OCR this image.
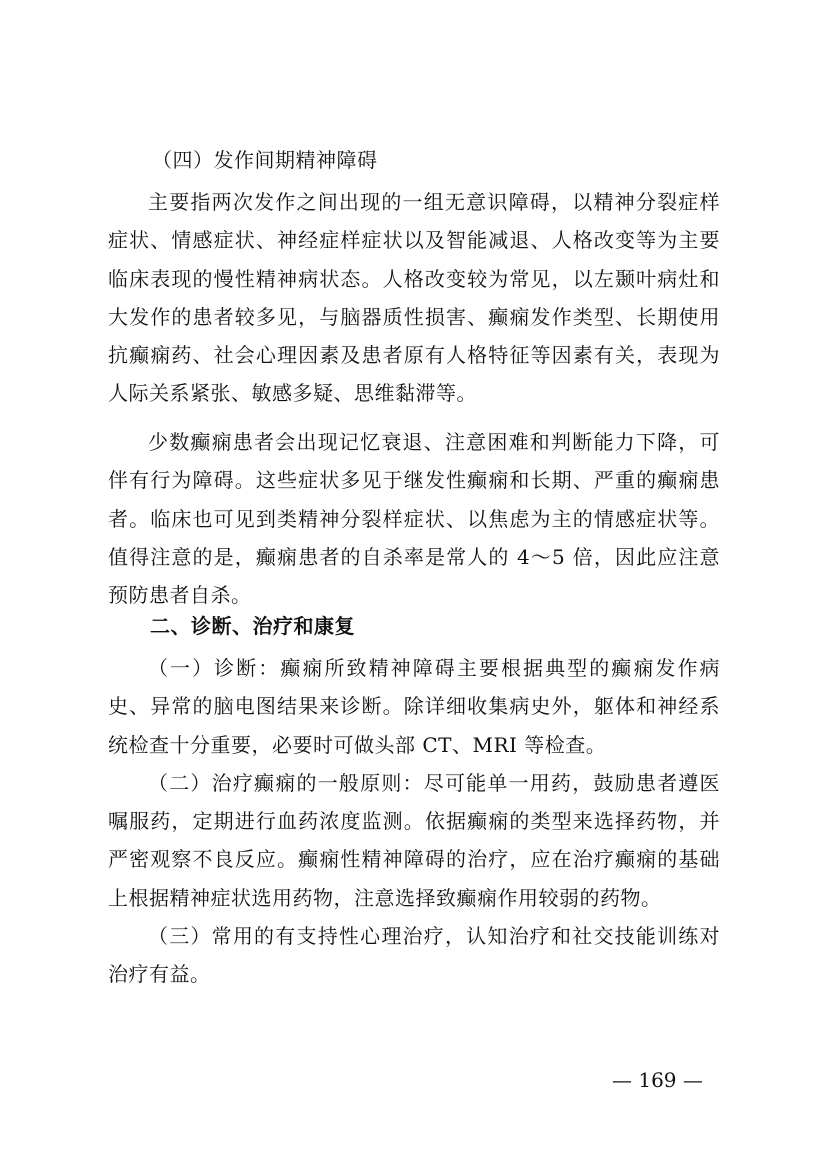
（四）发作间期精神障碍

主要指两次发作之间出现的一组无意识障碍，以精神分裂症样症状、情感症状、神经症样症状以及智能减退、人格改变等为主要临床表现的慢性精神病状态。人格改变较为常见，以左颞叶病灶和大发作的患者较多见，与脑器质性损害、癫痫发作类型、长期使用抗癫痫药、社会心理因素及患者原有人格特征等因素有关，表现为人际关系紧张、敏感多疑、思维黏滞等。

少数癫痫患者会出现记忆衰退、注意困难和判断能力下降，可伴有行为障碍。这些症状多见于继发性癫痫和长期、严重的癫痫患者。临床也可见到类精神分裂样症状、以焦虑为主的情感症状等。值得注意的是，癫痫患者的自杀率是常人的 4～5 倍，因此应注意预防患者自杀。

二、诊断、治疗和康复

（一）诊断：癫痫所致精神障碍主要根据典型的癫痫发作病史、异常的脑电图结果来诊断。除详细收集病史外，躯体和神经系统检查十分重要，必要时可做头部 CT、MRI 等检查。

（二）治疗癫痫的一般原则：尽可能单一用药，鼓励患者遵医嘱服药，定期进行血药浓度监测。依据癫痫的类型来选择药物，并严密观察不良反应。癫痫性精神障碍的治疗，应在治疗癫痫的基础上根据精神症状选用药物，注意选择致癫痫作用较弱的药物。

（三）常用的有支持性心理治疗，认知治疗和社交技能训练对治疗有益。

— 169 —
